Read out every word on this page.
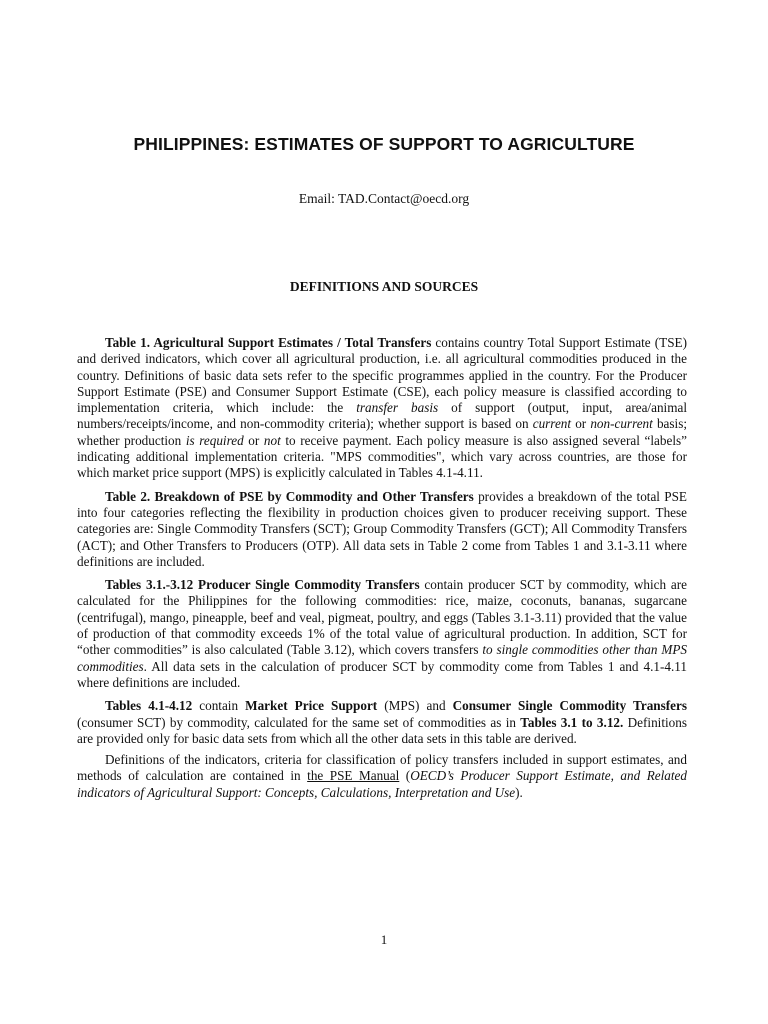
PHILIPPINES: ESTIMATES OF SUPPORT TO AGRICULTURE
Email: TAD.Contact@oecd.org
DEFINITIONS AND SOURCES

Table 1. Agricultural Support Estimates / Total Transfers contains country Total Support Estimate (TSE) and derived indicators, which cover all agricultural production, i.e. all agricultural commodities produced in the country. Definitions of basic data sets refer to the specific programmes applied in the country. For the Producer Support Estimate (PSE) and Consumer Support Estimate (CSE), each policy measure is classified according to implementation criteria, which include: the transfer basis of support (output, input, area/animal numbers/receipts/income, and non-commodity criteria); whether support is based on current or non-current basis; whether production is required or not to receive payment. Each policy measure is also assigned several “labels” indicating additional implementation criteria. "MPS commodities", which vary across countries, are those for which market price support (MPS) is explicitly calculated in Tables 4.1-4.11.

Table 2. Breakdown of PSE by Commodity and Other Transfers provides a breakdown of the total PSE into four categories reflecting the flexibility in production choices given to producer receiving support. These categories are: Single Commodity Transfers (SCT); Group Commodity Transfers (GCT); All Commodity Transfers (ACT); and Other Transfers to Producers (OTP). All data sets in Table 2 come from Tables 1 and 3.1-3.11 where definitions are included.

Tables 3.1.-3.12 Producer Single Commodity Transfers contain producer SCT by commodity, which are calculated for the Philippines for the following commodities: rice, maize, coconuts, bananas, sugarcane (centrifugal), mango, pineapple, beef and veal, pigmeat, poultry, and eggs (Tables 3.1-3.11) provided that the value of production of that commodity exceeds 1% of the total value of agricultural production. In addition, SCT for “other commodities” is also calculated (Table 3.12), which covers transfers to single commodities other than MPS commodities. All data sets in the calculation of producer SCT by commodity come from Tables 1 and 4.1-4.11 where definitions are included.

Tables 4.1-4.12 contain Market Price Support (MPS) and Consumer Single Commodity Transfers (consumer SCT) by commodity, calculated for the same set of commodities as in Tables 3.1 to 3.12. Definitions are provided only for basic data sets from which all the other data sets in this table are derived.

Definitions of the indicators, criteria for classification of policy transfers included in support estimates, and methods of calculation are contained in the PSE Manual (OECD’s Producer Support Estimate, and Related indicators of Agricultural Support: Concepts, Calculations, Interpretation and Use).

1
